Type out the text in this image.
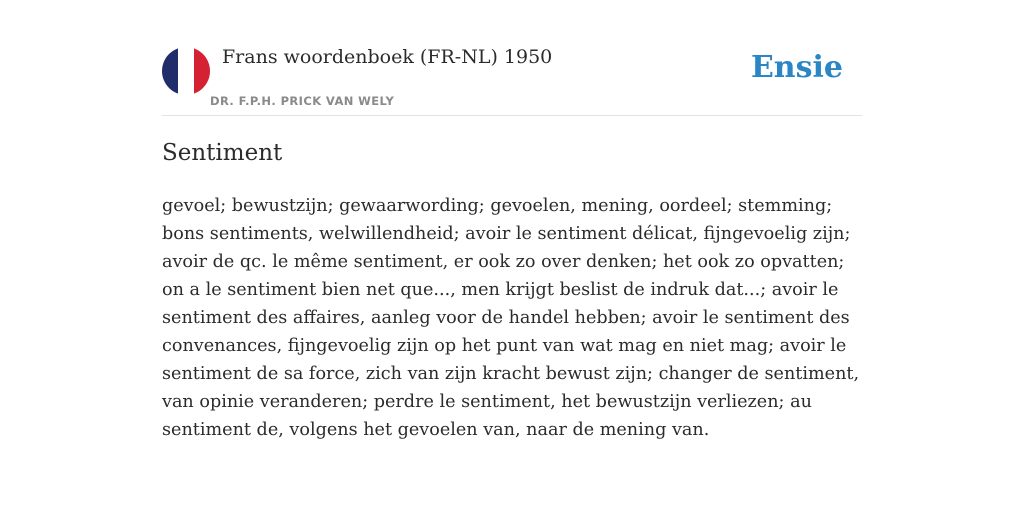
Frans woordenboek (FR-NL) 1950
DR. F.P.H. PRICK VAN WELY
Ensie
Sentiment

gevoel; bewustzijn; gewaarwording; gevoelen, mening, oordeel; stemming; bons sentiments, welwillendheid; avoir le sentiment délicat, fijngevoelig zijn; avoir de qc. le même sentiment, er ook zo over denken; het ook zo opvatten; on a le sentiment bien net que..., men krijgt beslist de indruk dat...; avoir le sentiment des affaires, aanleg voor de handel hebben; avoir le sentiment des convenances, fijngevoelig zijn op het punt van wat mag en niet mag; avoir le sentiment de sa force, zich van zijn kracht bewust zijn; changer de sentiment, van opinie veranderen; perdre le sentiment, het bewustzijn verliezen; au sentiment de, volgens het gevoelen van, naar de mening van.
